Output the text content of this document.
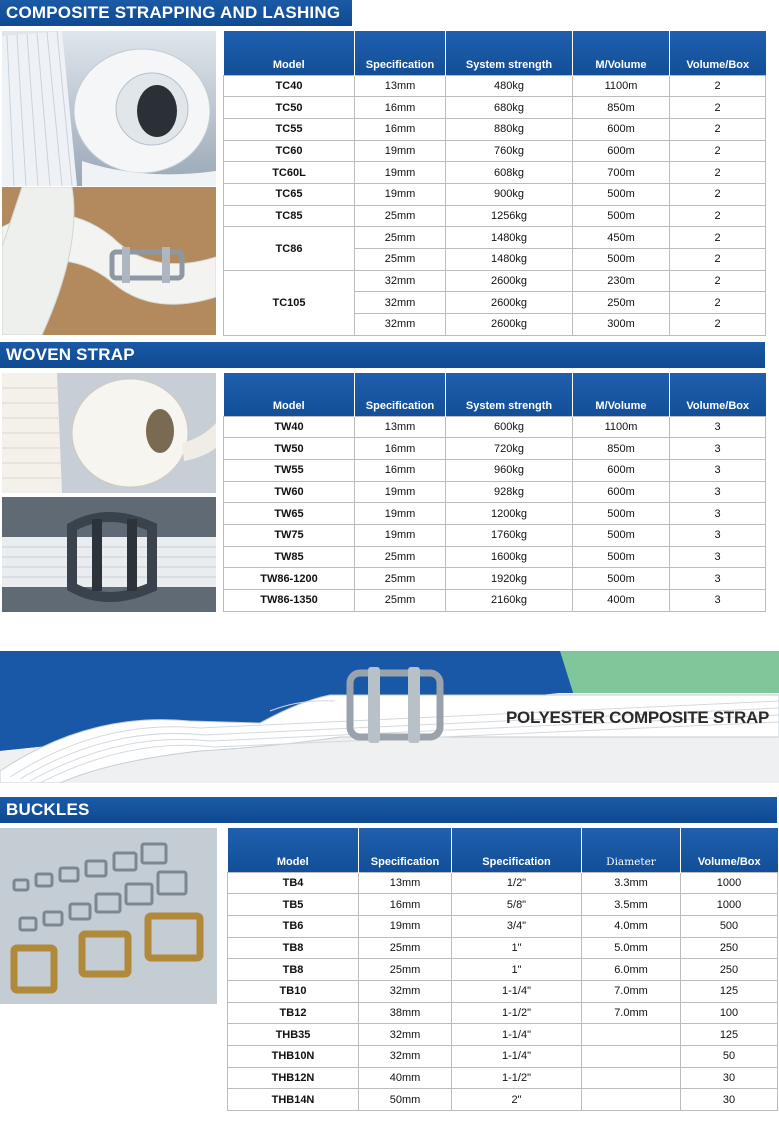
COMPOSITE STRAPPING AND LASHING
Model	Specification	System strength	M/Volume	Volume/Box
TC40	13mm	480kg	1100m	2
TC50	16mm	680kg	850m	2
TC55	16mm	880kg	600m	2
TC60	19mm	760kg	600m	2
TC60L	19mm	608kg	700m	2
TC65	19mm	900kg	500m	2
TC85	25mm	1256kg	500m	2
TC86	25mm	1480kg	450m	2
	25mm	1480kg	500m	2
TC105	32mm	2600kg	230m	2
	32mm	2600kg	250m	2
	32mm	2600kg	300m	2
WOVEN STRAP
Model	Specification	System strength	M/Volume	Volume/Box
TW40	13mm	600kg	1100m	3
TW50	16mm	720kg	850m	3
TW55	16mm	960kg	600m	3
TW60	19mm	928kg	600m	3
TW65	19mm	1200kg	500m	3
TW75	19mm	1760kg	500m	3
TW85	25mm	1600kg	500m	3
TW86-1200	25mm	1920kg	500m	3
TW86-1350	25mm	2160kg	400m	3
POLYESTER COMPOSITE STRAP
BUCKLES
Model	Specification	Specification	Diameter	Volume/Box
TB4	13mm	1/2"	3.3mm	1000
TB5	16mm	5/8"	3.5mm	1000
TB6	19mm	3/4"	4.0mm	500
TB8	25mm	1"	5.0mm	250
TB8	25mm	1"	6.0mm	250
TB10	32mm	1-1/4"	7.0mm	125
TB12	38mm	1-1/2"	7.0mm	100
THB35	32mm	1-1/4"		125
THB10N	32mm	1-1/4"		50
THB12N	40mm	1-1/2"		30
THB14N	50mm	2"		30
